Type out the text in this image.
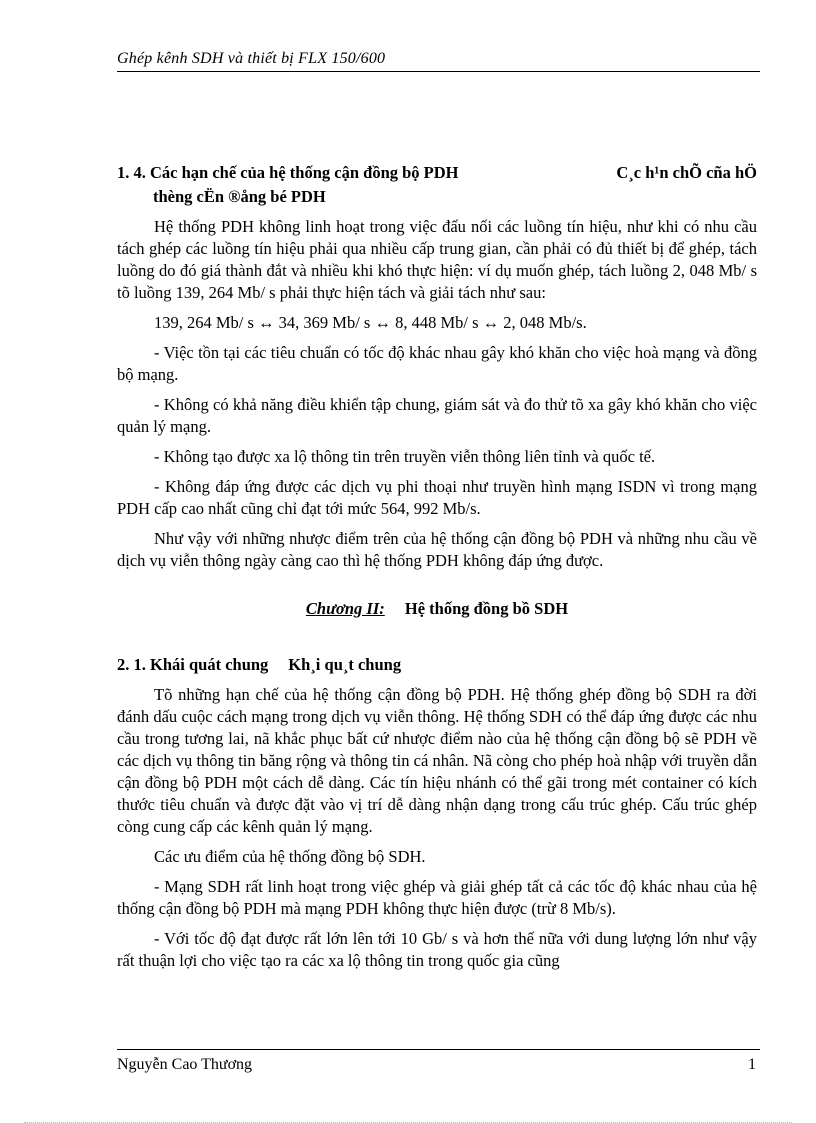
Ghép kênh SDH và thiết bị FLX 150/600

1. 4. Các hạn chế của hệ thống cận đồng bộ PDH	C¸c h¹n chÕ cña hÖ

thèng cËn ®ång bé PDH

Hệ thống PDH không linh hoạt trong việc đấu nối các luồng tín hiệu, như khi có nhu cầu tách ghép các luồng tín hiệu phải qua nhiều cấp trung gian, cần phải có đủ thiết bị để ghép, tách luồng do đó giá thành đắt và nhiều khi khó thực hiện: ví dụ muốn ghép, tách luồng 2, 048 Mb/ s tõ luồng 139, 264 Mb/ s phải thực hiện tách và giải tách như sau:

139, 264 Mb/ s ↔ 34, 369 Mb/ s ↔ 8, 448 Mb/ s ↔ 2, 048 Mb/s.

- Việc tồn tại các tiêu chuẩn có tốc độ khác nhau gây khó khăn cho việc hoà mạng và đồng bộ mạng.

- Không có khả năng điều khiển tập chung, giám sát và đo thử tõ xa gây khó khăn cho việc quản lý mạng.

- Không tạo được xa lộ thông tin trên truyền viễn thông liên tỉnh và quốc tế.

- Không đáp ứng được các dịch vụ phi thoại như truyền hình mạng ISDN vì trong mạng PDH cấp cao nhất cũng chỉ đạt tới mức 564, 992 Mb/s.

Như vậy với những nhược điểm trên của hệ thống cận đồng bộ PDH và những nhu cầu về dịch vụ viễn thông ngày càng cao thì hệ thống PDH không đáp ứng được.

Chương II: Hệ thống đồng bồ SDH

2. 1. Khái quát chung Kh¸i qu¸t chung

Tõ những hạn chế của hệ thống cận đồng bộ PDH. Hệ thống ghép đồng bộ SDH ra đời đánh dấu cuộc cách mạng trong dịch vụ viễn thông. Hệ thống SDH có thể đáp ứng được các nhu cầu trong tương lai, nã khắc phục bất cứ nhược điểm nào của hệ thống cận đồng bộ sẽ PDH về các dịch vụ thông tin băng rộng và thông tin cá nhân. Nã còng cho phép hoà nhập với truyền dẫn cận đồng bộ PDH một cách dễ dàng. Các tín hiệu nhánh có thể gãi trong mét container có kích thước tiêu chuẩn và được đặt vào vị trí dễ dàng nhận dạng trong cấu trúc ghép. Cấu trúc ghép còng cung cấp các kênh quản lý mạng.

Các ưu điểm của hệ thống đồng bộ SDH.

- Mạng SDH rất linh hoạt trong việc ghép và giải ghép tất cả các tốc độ khác nhau của hệ thống cận đồng bộ PDH mà mạng PDH không thực hiện được (trừ 8 Mb/s).

- Với tốc độ đạt được rất lớn lên tới 10 Gb/ s và hơn thế nữa với dung lượng lớn như vậy rất thuận lợi cho việc tạo ra các xa lộ thông tin trong quốc gia cũng

Nguyễn Cao Thương	1
